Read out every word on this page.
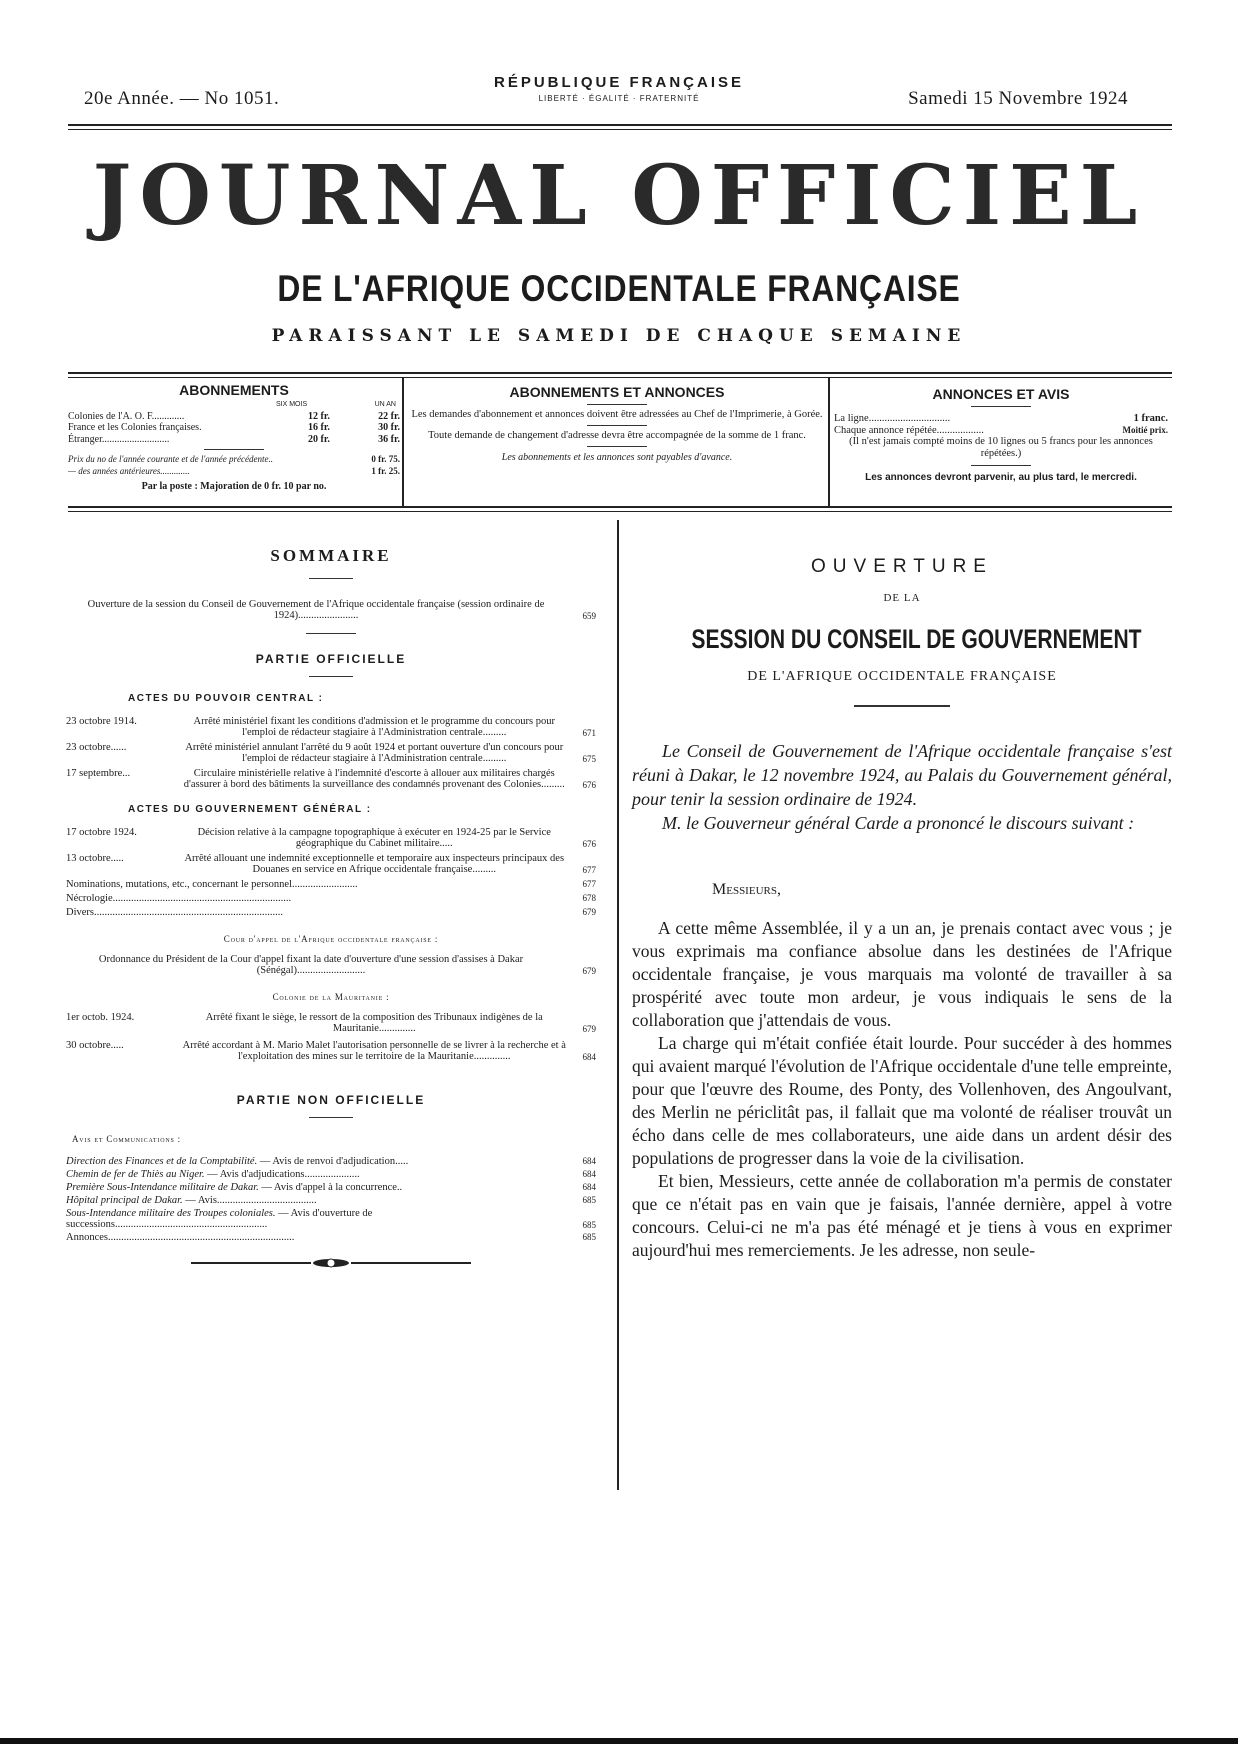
20e Année. — No 1051.
RÉPUBLIQUE FRANÇAISE
LIBERTÉ · ÉGALITÉ · FRATERNITÉ	Samedi 15 Novembre 1924
JOURNAL OFFICIEL
DE L'AFRIQUE OCCIDENTALE FRANÇAISE
PARAISSANT LE SAMEDI DE CHAQUE SEMAINE
ABONNEMENTS
SIX MOIS	UN AN
Colonies de l'A. O. F.............	12 fr.	22 fr.
France et les Colonies françaises.	16 fr.	30 fr.
Étranger...........................	20 fr.	36 fr.
Prix du no de l'année courante et de l'année précédente..	0 fr. 75.
— des années antérieures.............	1 fr. 25.
Par la poste : Majoration de 0 fr. 10 par no.
ABONNEMENTS ET ANNONCES
Les demandes d'abonnement et annonces doivent être adressées au Chef de l'Imprimerie, à Gorée.
Toute demande de changement d'adresse devra être accompagnée de la somme de 1 franc.
Les abonnements et les annonces sont payables d'avance.
ANNONCES ET AVIS
La ligne...............................	1 franc.
Chaque annonce répétée..................	Moitié prix.
(Il n'est jamais compté moins de 10 lignes ou 5 francs pour les annonces répétées.)
Les annonces devront parvenir, au plus tard, le mercredi.
SOMMAIRE
Ouverture de la session du Conseil de Gouvernement de l'Afrique occidentale française (session ordinaire de 1924).......................	659
PARTIE OFFICIELLE
ACTES DU POUVOIR CENTRAL :
23 octobre 1914.	Arrêté ministériel fixant les conditions d'admission et le programme du concours pour l'emploi de rédacteur stagiaire à l'Administration centrale.........	671
23 octobre......	Arrêté ministériel annulant l'arrêté du 9 août 1924 et portant ouverture d'un concours pour l'emploi de rédacteur stagiaire à l'Administration centrale.........	675
17 septembre...	Circulaire ministérielle relative à l'indemnité d'escorte à allouer aux militaires chargés d'assurer à bord des bâtiments la surveillance des condamnés provenant des Colonies.........	676
ACTES DU GOUVERNEMENT GÉNÉRAL :
17 octobre 1924.	Décision relative à la campagne topographique à exécuter en 1924-25 par le Service géographique du Cabinet militaire.....	676
13 octobre.....	Arrêté allouant une indemnité exceptionnelle et temporaire aux inspecteurs principaux des Douanes en service en Afrique occidentale française.........	677
Nominations, mutations, etc., concernant le personnel.........................	677
Nécrologie....................................................................	678
Divers........................................................................	679
Cour d'appel de l'Afrique occidentale française :
Ordonnance du Président de la Cour d'appel fixant la date d'ouverture d'une session d'assises à Dakar (Sénégal)..........................	679
Colonie de la Mauritanie :
1er octob. 1924.	Arrêté fixant le siège, le ressort de la composition des Tribunaux indigènes de la Mauritanie..............	679
30 octobre.....	Arrêté accordant à M. Mario Malet l'autorisation personnelle de se livrer à la recherche et à l'exploitation des mines sur le territoire de la Mauritanie..............	684
PARTIE NON OFFICIELLE
Avis et Communications :
Direction des Finances et de la Comptabilité. — Avis de renvoi d'adjudication.....	684
Chemin de fer de Thiès au Niger. — Avis d'adjudications.....................	684
Première Sous-Intendance militaire de Dakar. — Avis d'appel à la concurrence..	684
Hôpital principal de Dakar. — Avis......................................	685
Sous-Intendance militaire des Troupes coloniales. — Avis d'ouverture de successions..........................................................	685
Annonces.......................................................................	685
OUVERTURE
DE LA
SESSION DU CONSEIL DE GOUVERNEMENT
DE L'AFRIQUE OCCIDENTALE FRANÇAISE
Le Conseil de Gouvernement de l'Afrique occidentale française s'est réuni à Dakar, le 12 novembre 1924, au Palais du Gouvernement général, pour tenir la session ordinaire de 1924.
M. le Gouverneur général Carde a prononcé le discours suivant :
Messieurs,
A cette même Assemblée, il y a un an, je prenais contact avec vous ; je vous exprimais ma confiance absolue dans les destinées de l'Afrique occidentale française, je vous marquais ma volonté de travailler à sa prospérité avec toute mon ardeur, je vous indiquais le sens de la collaboration que j'attendais de vous.
La charge qui m'était confiée était lourde. Pour succéder à des hommes qui avaient marqué l'évolution de l'Afrique occidentale d'une telle empreinte, pour que l'œuvre des Roume, des Ponty, des Vollenhoven, des Angoulvant, des Merlin ne périclitât pas, il fallait que ma volonté de réaliser trouvât un écho dans celle de mes collaborateurs, une aide dans un ardent désir des populations de progresser dans la voie de la civilisation.
Et bien, Messieurs, cette année de collaboration m'a permis de constater que ce n'était pas en vain que je faisais, l'année dernière, appel à votre concours. Celui-ci ne m'a pas été ménagé et je tiens à vous en exprimer aujourd'hui mes remerciements. Je les adresse, non seule-
